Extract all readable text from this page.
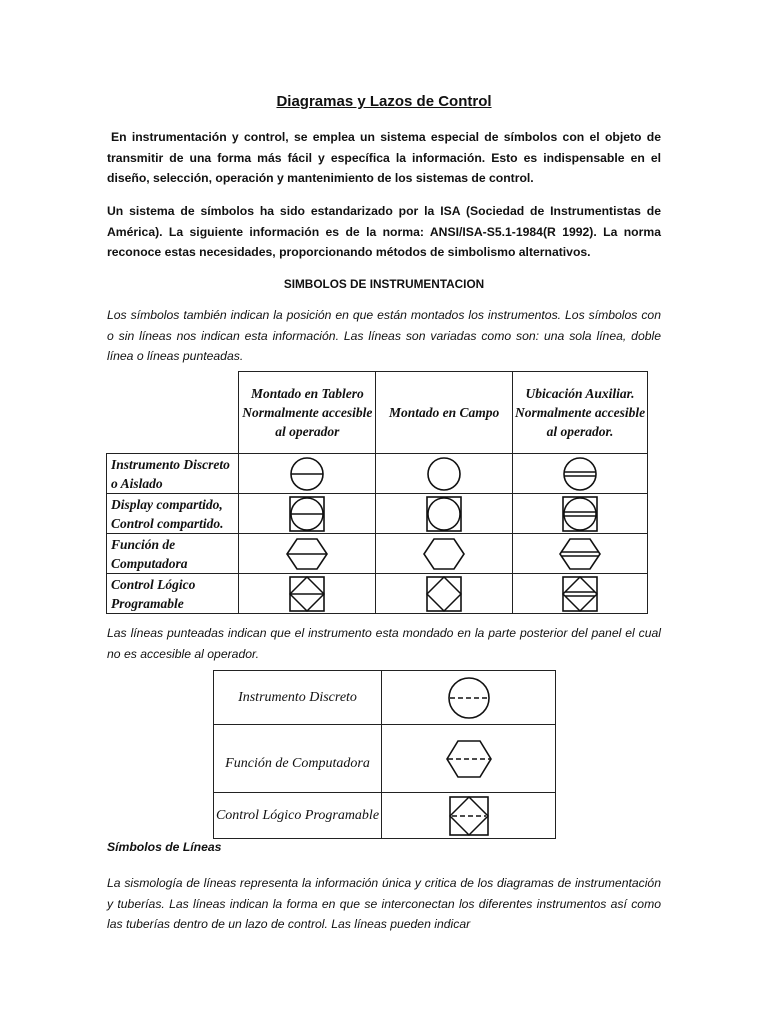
Diagramas y Lazos de Control
En instrumentación y control, se emplea un sistema especial de símbolos con el objeto de transmitir de una forma más fácil y específica la información. Esto es indispensable en el diseño, selección, operación y mantenimiento de los sistemas de control.
Un sistema de símbolos ha sido estandarizado por la ISA (Sociedad de Instrumentistas de América). La siguiente información es de la norma: ANSI/ISA-S5.1-1984(R 1992). La norma reconoce estas necesidades, proporcionando métodos de simbolismo alternativos.
SIMBOLOS DE INSTRUMENTACION
Los símbolos también indican la posición en que están montados los instrumentos. Los símbolos con o sin líneas nos indican esta información. Las líneas son variadas como son: una sola línea, doble línea o líneas punteadas.
	Montado en Tablero Normalmente accesible al operador	Montado en Campo	Ubicación Auxiliar. Normalmente accesible al operador.
Instrumento Discreto o Aislado	

Display compartido, Control compartido.	

Función de Computadora	

Control Lógico Programable	

Las líneas punteadas indican que el instrumento esta mondado en la parte posterior del panel el cual no es accesible al operador.
Instrumento Discreto	

Función de Computadora	

Control Lógico Programable	
Símbolos de Líneas
La sismología de líneas representa la información única y critica de los diagramas de instrumentación y tuberías. Las líneas indican la forma en que se interconectan los diferentes instrumentos así como las tuberías dentro de un lazo de control. Las líneas pueden indicar
